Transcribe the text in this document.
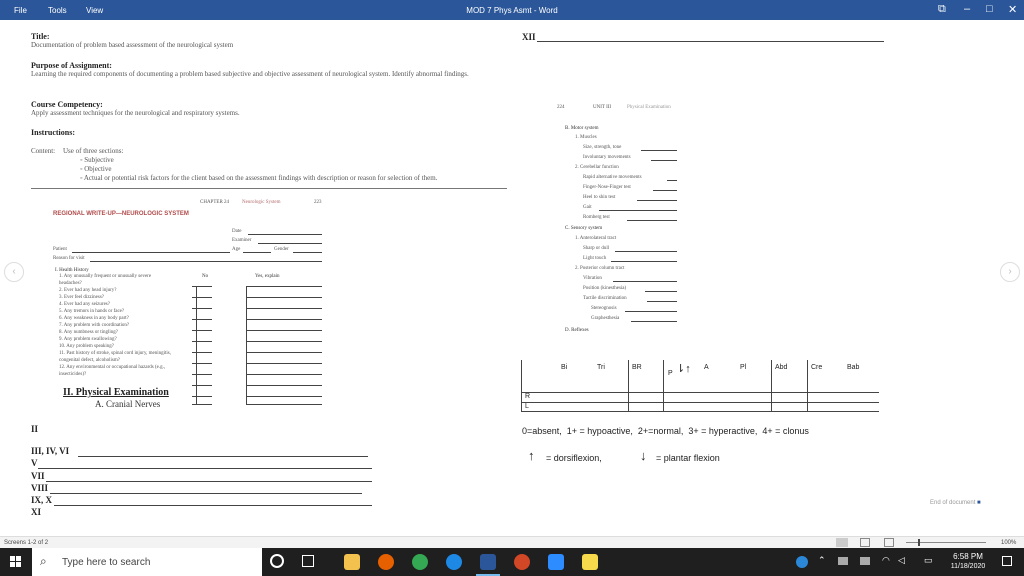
File	Tools View	MOD 7 Phys Asmt - Word	⧉ – □ ✕
‹	›
Title:
Documentation of problem based assessment of the neurological system
Purpose of Assignment:
Learning the required components of documenting a problem based subjective and objective assessment of neurological system. Identify abnormal findings.
Course Competency:
Apply assessment techniques for the neurological and respiratory systems.
Instructions:
Content: Use of three sections:
◦ Subjective
◦ Objective
◦ Actual or potential risk factors for the client based on the assessment findings with description or reason for selection of them.
CHAPTER 24	Neurologic System	223
REGIONAL WRITE-UP—NEUROLOGIC SYSTEM
Date
Examiner
Patient	Age	Gender
Reason for visit
I. Health History
No	Yes, explain
1. Any unusually frequent or unusually severe headaches?
2. Ever had any head injury?
3. Ever feel dizziness?
4. Ever had any seizures?
5. Any tremors in hands or face?
6. Any weakness in any body part?
7. Any problem with coordination?
8. Any numbness or tingling?
9. Any problem swallowing?
10. Any problem speaking?
11. Past history of stroke, spinal cord injury, meningitis, congenital defect, alcoholism?
12. Any environmental or occupational hazards (e.g., insecticides)?
II. Physical Examination
A. Cranial Nerves
II
III, IV, VI
V
VII
VIII
IX, X
XI
XII
224	UNIT III	Physical Examination
B. Motor system
1. Muscles
Size, strength, tone
Involuntary movements
2. Cerebellar function
Rapid alternative movements
Finger-Nose-Finger test
Heel to shin test
Gait
Romberg test
C. Sensory system
1. Anterolateral tract
Sharp or dull
Light touch
2. Posterior column tract
Vibration
Position (kinesthesia)
Tactile discrimination
Stereognosis
Graphesthesia
D. Reflexes
Bi	Tri	BR
P ⇂↑ A	Pl	Abd	Cre	Bab
R
L
0=absent,  1+ = hypoactive,  2+=normal,  3+ = hyperactive,  4+ = clonus
↑ = dorsiflexion,	↓ = plantar flexion
End of document ■
Screens 1-2 of 2	100%
⌕ Type here to search	⌃	◠ ◁ ▭	6:58 PM
11/18/2020
